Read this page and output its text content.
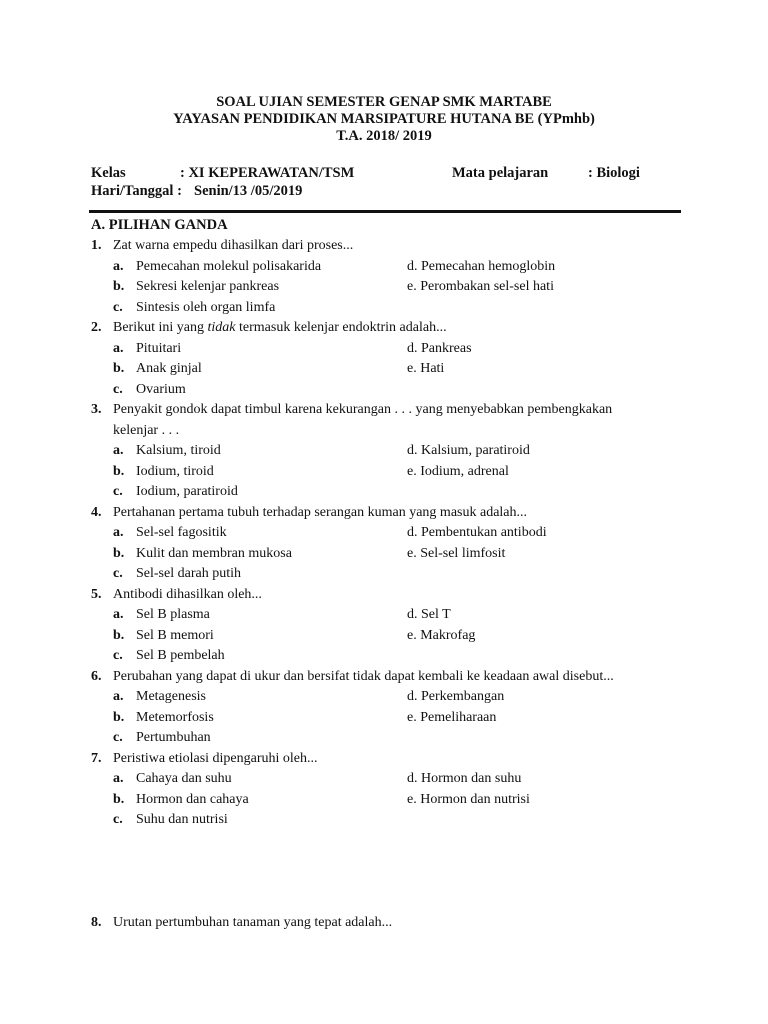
SOAL UJIAN SEMESTER GENAP SMK MARTABE
YAYASAN PENDIDIKAN MARSIPATURE HUTANA BE (YPmhb)
T.A. 2018/ 2019
Kelas	: XI KEPERAWATAN/TSM	Mata pelajaran	: Biologi
Hari/Tanggal : Senin/13 /05/2019
A. PILIHAN GANDA
1. Zat warna empedu dihasilkan dari proses...
a. Pemecahan molekul polisakarida	d. Pemecahan hemoglobin
b. Sekresi kelenjar pankreas	e. Perombakan sel-sel hati
c. Sintesis oleh organ limfa
2. Berikut ini yang tidak termasuk kelenjar endoktrin adalah...
a. Pituitari	d. Pankreas
b. Anak ginjal	e. Hati
c. Ovarium
3. Penyakit gondok dapat timbul karena kekurangan . . . yang menyebabkan pembengkakan
kelenjar . . .
a. Kalsium, tiroid	d. Kalsium, paratiroid
b. Iodium, tiroid	e. Iodium, adrenal
c. Iodium, paratiroid
4. Pertahanan pertama tubuh terhadap serangan kuman yang masuk adalah...
a. Sel-sel fagositik	d. Pembentukan antibodi
b. Kulit dan membran mukosa	e. Sel-sel limfosit
c. Sel-sel darah putih
5. Antibodi dihasilkan oleh...
a. Sel B plasma	d. Sel T
b. Sel B memori	e. Makrofag
c. Sel B pembelah
6. Perubahan yang dapat di ukur dan bersifat tidak dapat kembali ke keadaan awal disebut...
a. Metagenesis	d. Perkembangan
b. Metemorfosis	e. Pemeliharaan
c. Pertumbuhan
7. Peristiwa etiolasi dipengaruhi oleh...
a. Cahaya dan suhu	d. Hormon dan suhu
b. Hormon dan cahaya	e. Hormon dan nutrisi
c. Suhu dan nutrisi
8. Urutan pertumbuhan tanaman yang tepat adalah...
